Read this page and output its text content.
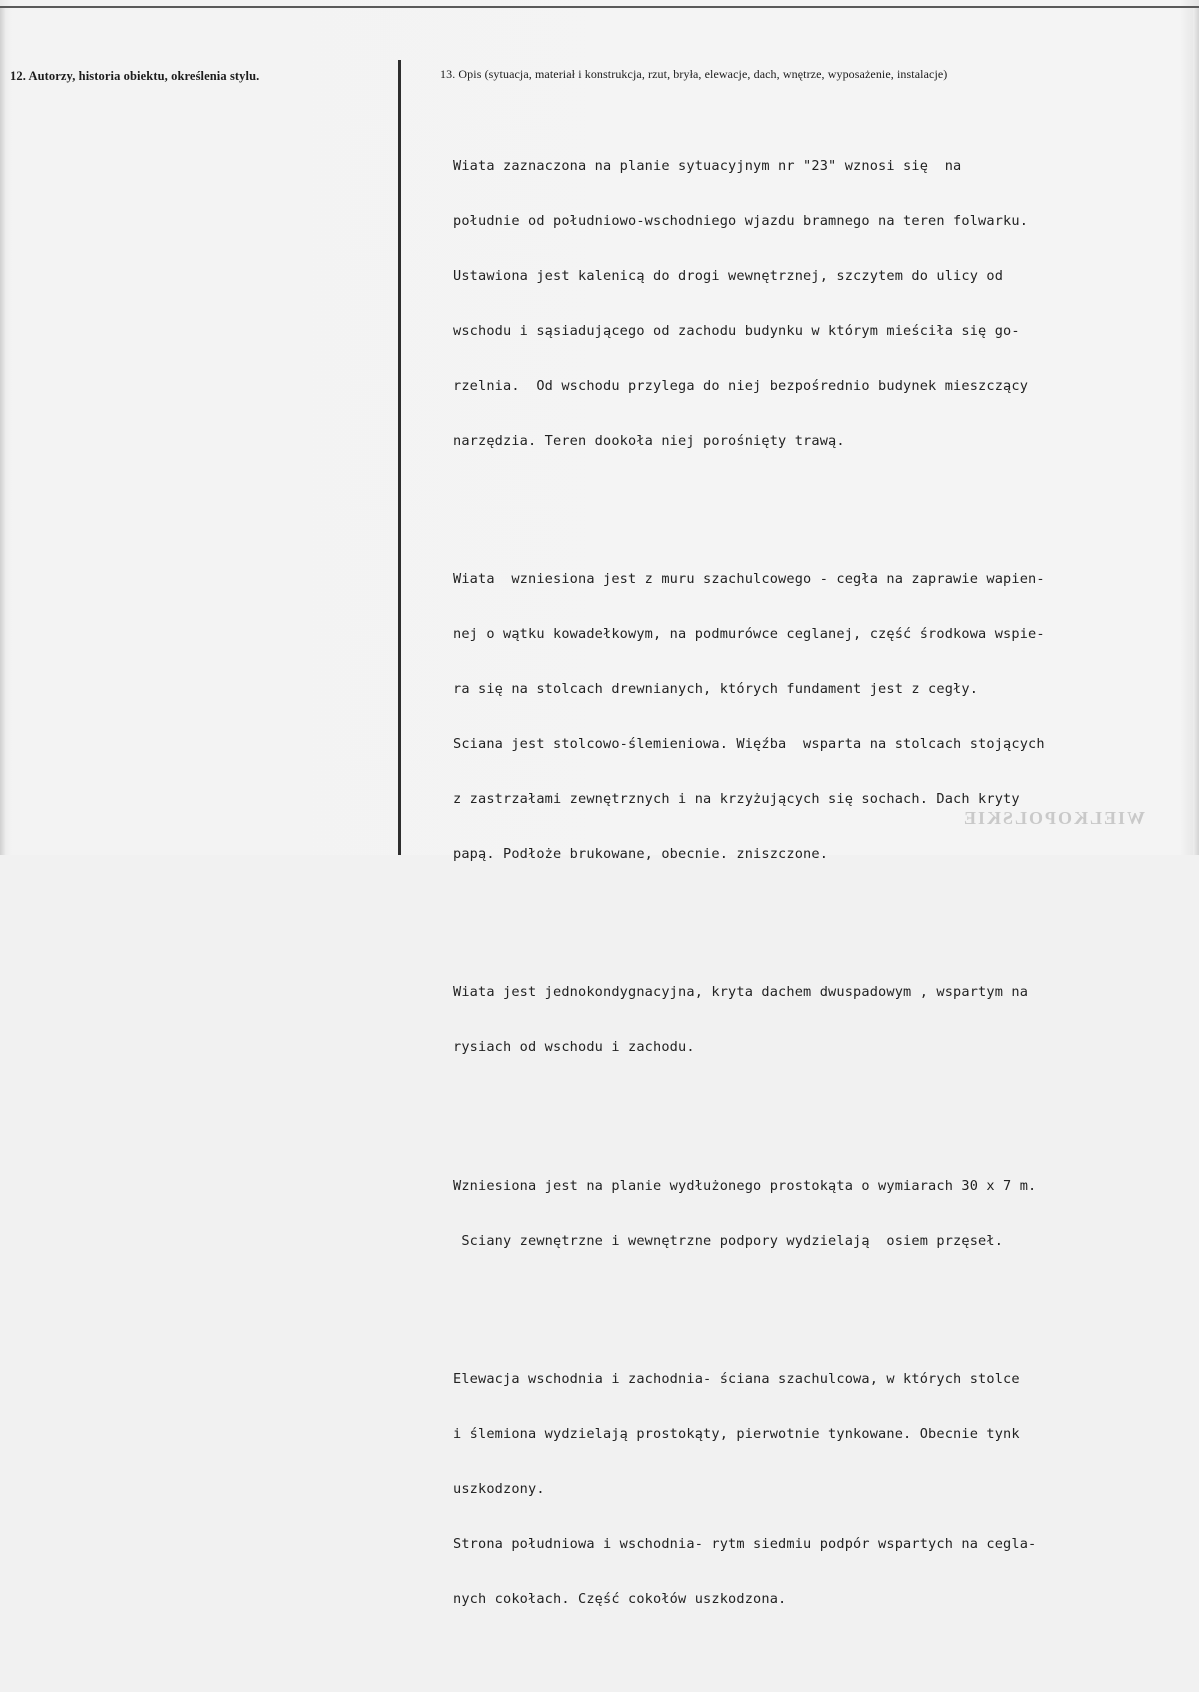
12. Autorzy, historia obiektu, określenia stylu.	13. Opis (sytuacja, materiał i konstrukcja, rzut, bryła, elewacje, dach, wnętrze, wyposażenie, instalacje)

Wiata zaznaczona na planie sytuacyjnym nr "23" wznosi się  na

południe od południowo-wschodniego wjazdu bramnego na teren folwarku.

Ustawiona jest kalenicą do drogi wewnętrznej, szczytem do ulicy od

wschodu i sąsiadującego od zachodu budynku w którym mieściła się go-

rzelnia.  Od wschodu przylega do niej bezpośrednio budynek mieszczący

narzędzia. Teren dookoła niej porośnięty trawą.

Wiata  wzniesiona jest z muru szachulcowego - cegła na zaprawie wapien-

nej o wątku kowadełkowym, na podmurówce ceglanej, część środkowa wspie-

ra się na stolcach drewnianych, których fundament jest z cegły.

Sciana jest stolcowo-ślemieniowa. Więźba  wsparta na stolcach stojących

z zastrzałami zewnętrznych i na krzyżujących się sochach. Dach kryty

papą. Podłoże brukowane, obecnie. zniszczone.

Wiata jest jednokondygnacyjna, kryta dachem dwuspadowym , wspartym na

rysiach od wschodu i zachodu.

Wzniesiona jest na planie wydłużonego prostokąta o wymiarach 30 x 7 m.

Sciany zewnętrzne i wewnętrzne podpory wydzielają  osiem przęseł.

Elewacja wschodnia i zachodnia- ściana szachulcowa, w których stolce

i ślemiona wydzielają prostokąty, pierwotnie tynkowane. Obecnie tynk

uszkodzony.

Strona południowa i wschodnia- rytm siedmiu podpór wspartych na cegla-

nych cokołach. Część cokołów uszkodzona.

WIELKOPOLSKIE
